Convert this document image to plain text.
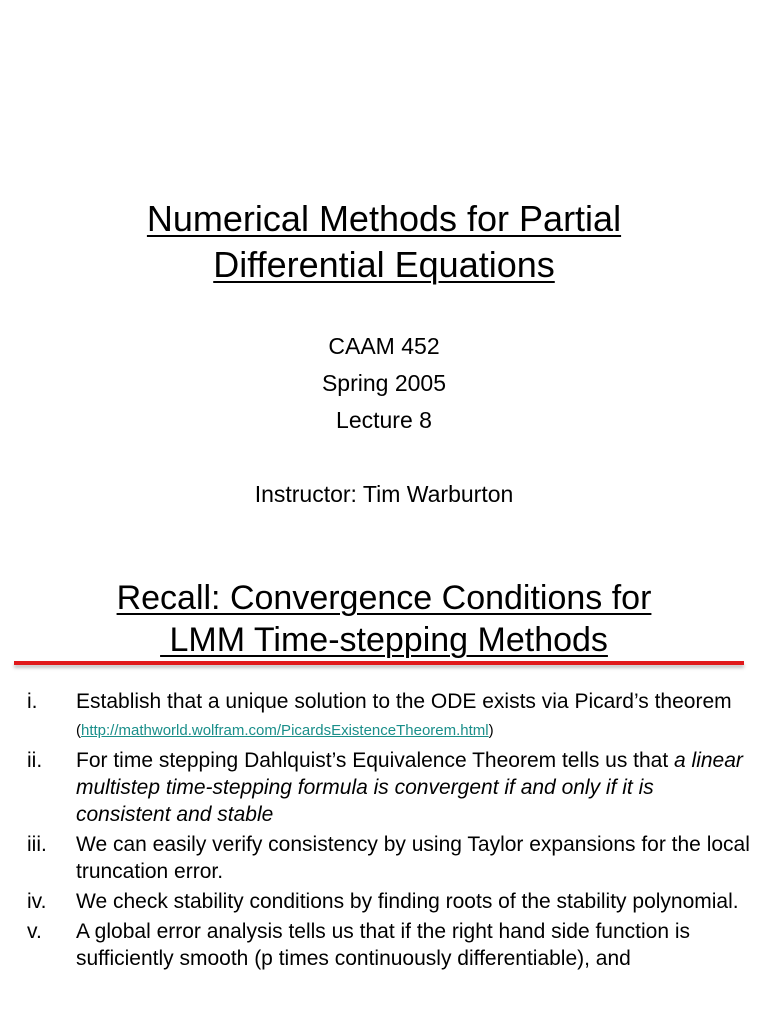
Numerical Methods for Partial
Differential Equations
CAAM 452
Spring 2005
Lecture 8
Instructor: Tim Warburton
Recall: Convergence Conditions for
LMM Time-stepping Methods
i. Establish that a unique solution to the ODE exists via Picard’s theorem (http://mathworld.wolfram.com/PicardsExistenceTheorem.html)
ii. For time stepping Dahlquist’s Equivalence Theorem tells us that a linear multistep time-stepping formula is convergent if and only if it is consistent and stable
iii. We can easily verify consistency by using Taylor expansions for the local truncation error.
iv. We check stability conditions by finding roots of the stability polynomial.
v. A global error analysis tells us that if the right hand side function is sufficiently smooth (p times continuously differentiable), and
